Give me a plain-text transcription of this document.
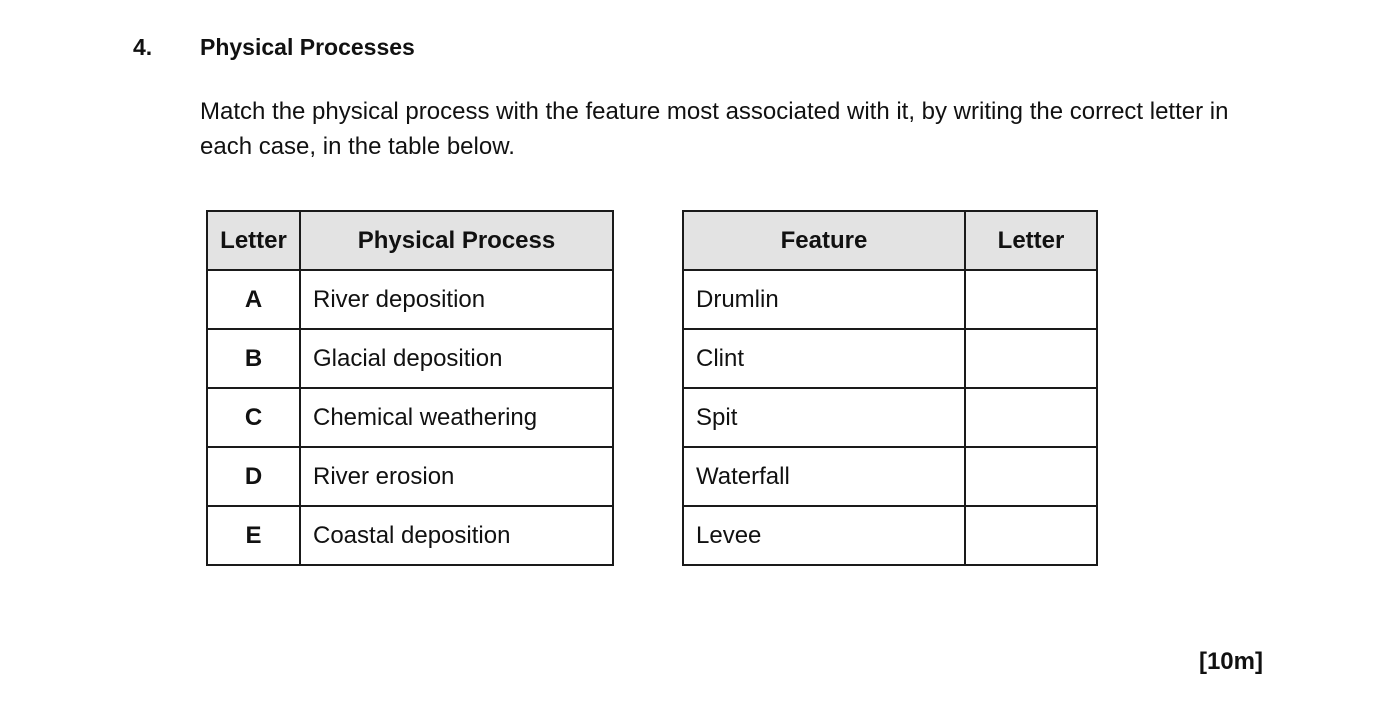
4. Physical Processes
Match the physical process with the feature most associated with it, by writing the correct letter in each case, in the table below.
Letter	Physical Process
A	River deposition
B	Glacial deposition
C	Chemical weathering
D	River erosion
E	Coastal deposition
Feature	Letter
Drumlin	
Clint	
Spit	
Waterfall	
Levee	
[10m]
